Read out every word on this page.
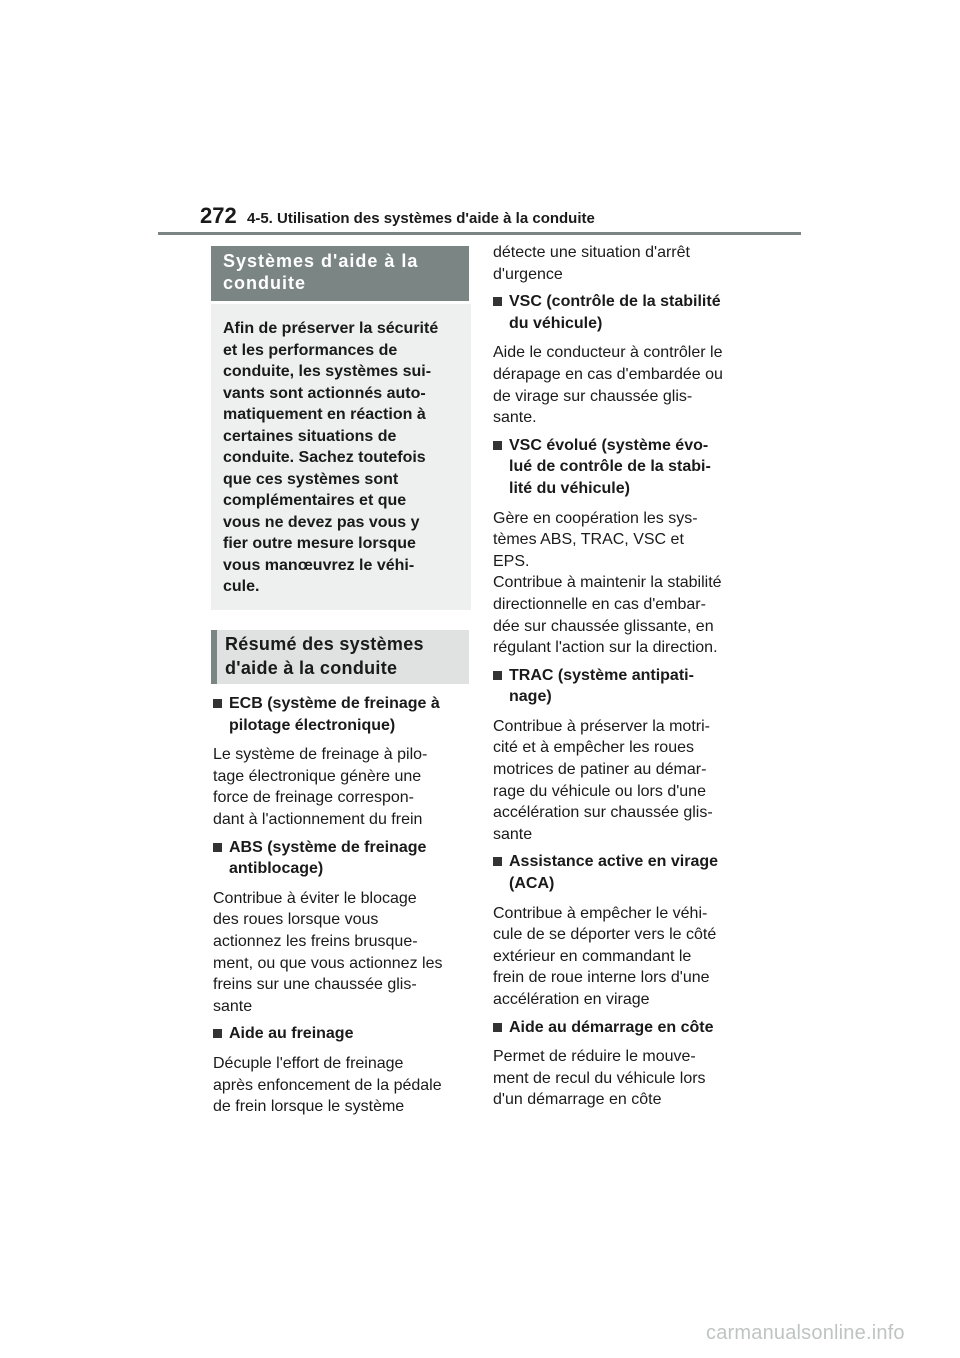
272 4-5. Utilisation des systèmes d'aide à la conduite
Systèmes d'aide à la
conduite
Afin de préserver la sécurité
et les performances de
conduite, les systèmes sui-
vants sont actionnés auto-
matiquement en réaction à
certaines situations de
conduite. Sachez toutefois
que ces systèmes sont
complémentaires et que
vous ne devez pas vous y
fier outre mesure lorsque
vous manœuvrez le véhi-
cule.
Résumé des systèmes
d'aide à la conduite
ECB (système de freinage à
pilotage électronique)
Le système de freinage à pilo-
tage électronique génère une
force de freinage correspon-
dant à l'actionnement du frein
ABS (système de freinage
antiblocage)
Contribue à éviter le blocage
des roues lorsque vous
actionnez les freins brusque-
ment, ou que vous actionnez les
freins sur une chaussée glis-
sante
Aide au freinage
Décuple l'effort de freinage
après enfoncement de la pédale
de frein lorsque le système
détecte une situation d'arrêt
d'urgence
VSC (contrôle de la stabilité
du véhicule)
Aide le conducteur à contrôler le
dérapage en cas d'embardée ou
de virage sur chaussée glis-
sante.
VSC évolué (système évo-
lué de contrôle de la stabi-
lité du véhicule)
Gère en coopération les sys-
tèmes ABS, TRAC, VSC et
EPS.
Contribue à maintenir la stabilité
directionnelle en cas d'embar-
dée sur chaussée glissante, en
régulant l'action sur la direction.
TRAC (système antipati-
nage)
Contribue à préserver la motri-
cité et à empêcher les roues
motrices de patiner au démar-
rage du véhicule ou lors d'une
accélération sur chaussée glis-
sante
Assistance active en virage
(ACA)
Contribue à empêcher le véhi-
cule de se déporter vers le côté
extérieur en commandant le
frein de roue interne lors d'une
accélération en virage
Aide au démarrage en côte
Permet de réduire le mouve-
ment de recul du véhicule lors
d'un démarrage en côte
carmanualsonline.info
